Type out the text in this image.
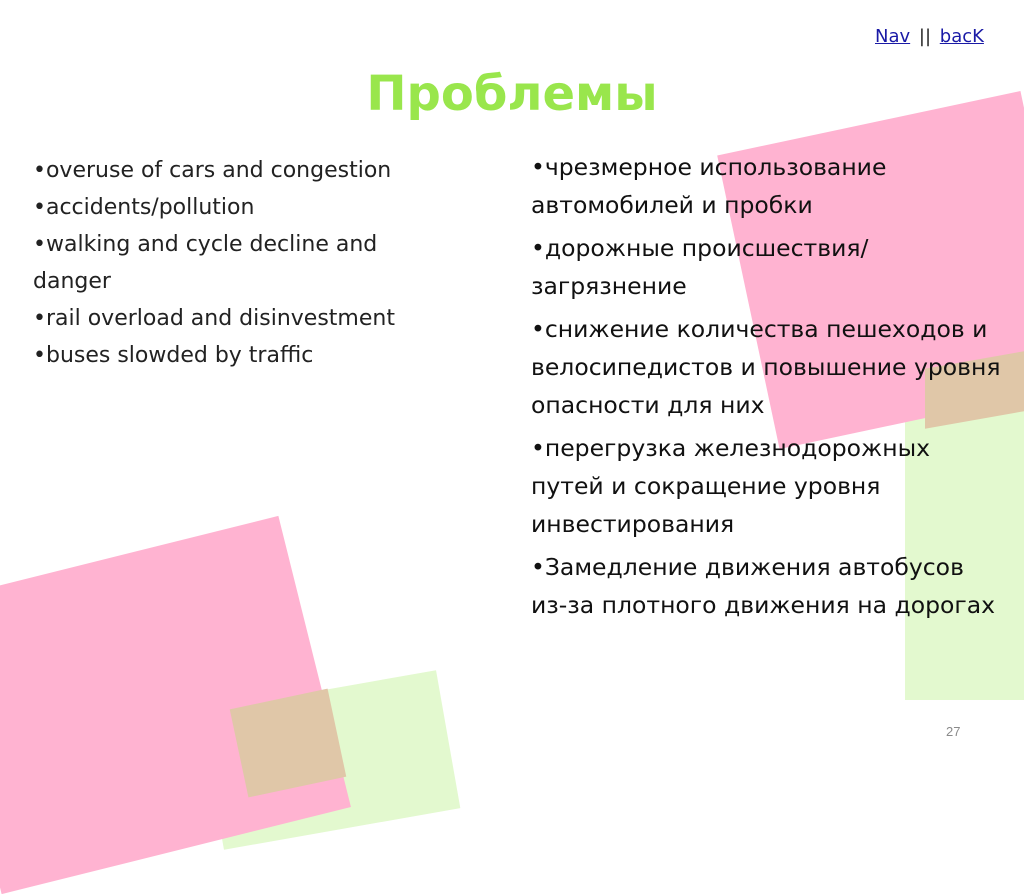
Nav || bacK
Проблемы

•overuse of cars and congestion

•accidents/pollution

•walking and cycle decline and danger

•rail overload and disinvestment

•buses slowded by traffic

•чрезмерное использование автомобилей и пробки

•дорожные происшествия/загрязнение

•снижение количества пешеходов и велосипедистов и повышение уровня опасности для них

•перегрузка железнодорожных путей и сокращение уровня инвестирования

•Замедление движения автобусов из-за плотного движения на дорогах

27
